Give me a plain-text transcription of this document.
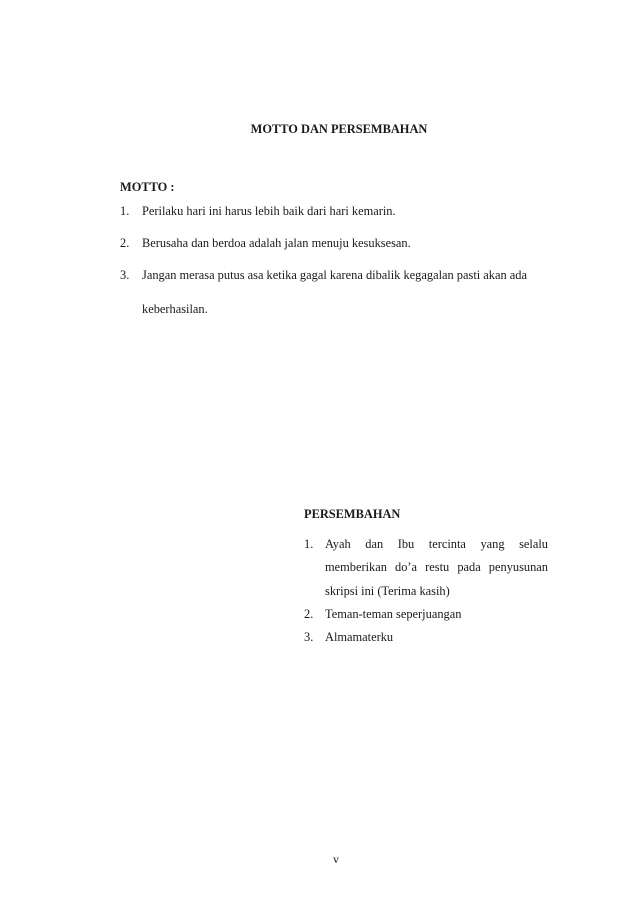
MOTTO DAN PERSEMBAHAN
MOTTO :
1. Perilaku hari ini harus lebih baik dari hari kemarin.
2. Berusaha dan berdoa adalah jalan menuju kesuksesan.
3. Jangan merasa putus asa ketika gagal karena dibalik kegagalan pasti akan ada keberhasilan.
PERSEMBAHAN
1. Ayah dan Ibu tercinta yang selalu memberikan do’a restu pada penyusunan skripsi ini (Terima kasih)
2. Teman-teman seperjuangan
3. Almamaterku
v
